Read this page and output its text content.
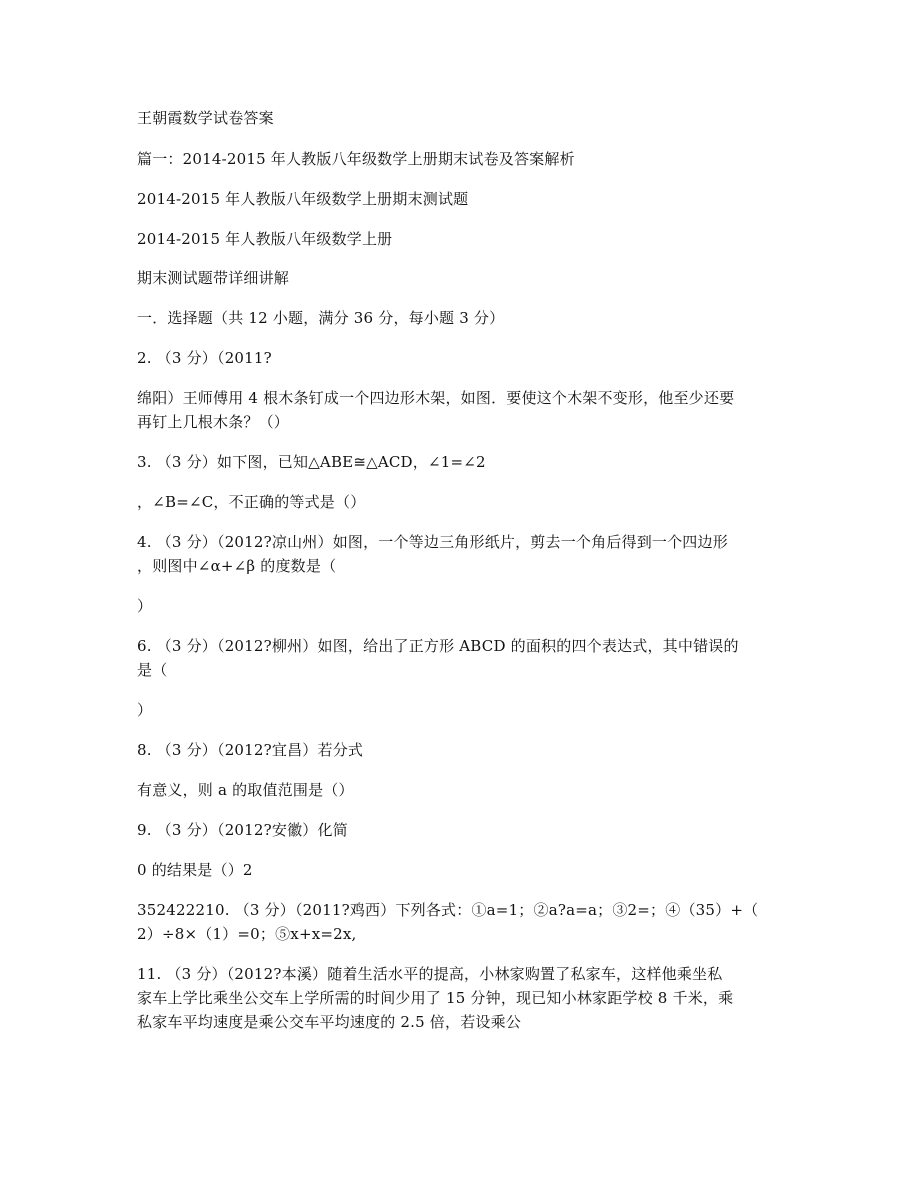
王朝霞数学试卷答案
篇一：2014-2015 年人教版八年级数学上册期末试卷及答案解析
2014-2015 年人教版八年级数学上册期末测试题
2014-2015 年人教版八年级数学上册
期末测试题带详细讲解
一．选择题（共 12 小题，满分 36 分，每小题 3 分）
2. （3 分）（2011?
绵阳）王师傅用 4 根木条钉成一个四边形木架，如图．要使这个木架不变形，他至少还要
再钉上几根木条？（）
3. （3 分）如下图，已知△ABE≅△ACD，∠1=∠2
，∠B=∠C，不正确的等式是（）
4. （3 分）（2012?凉山州）如图，一个等边三角形纸片，剪去一个角后得到一个四边形
，则图中∠α+∠β 的度数是（
）
6. （3 分）（2012?柳州）如图，给出了正方形 ABCD 的面积的四个表达式，其中错误的
是（
）
8. （3 分）（2012?宜昌）若分式
有意义，则 a 的取值范围是（）
9. （3 分）（2012?安徽）化简
0 的结果是（）2
352422210. （3 分）（2011?鸡西）下列各式：①a=1；②a?a=a；③2=；④（35）+（
2）÷8×（1）=0；⑤x+x=2x,
11. （3 分）（2012?本溪）随着生活水平的提高，小林家购置了私家车，这样他乘坐私
家车上学比乘坐公交车上学所需的时间少用了 15 分钟，现已知小林家距学校 8 千米，乘
私家车平均速度是乘公交车平均速度的 2.5 倍，若设乘公
